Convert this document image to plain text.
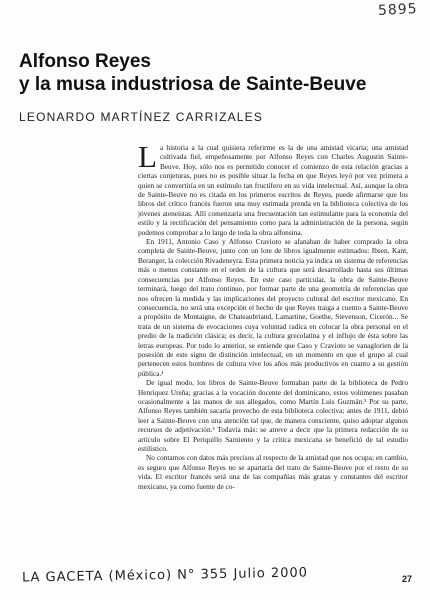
5895
Alfonso Reyes
y la musa industriosa de Sainte-Beuve
LEONARDO MARTÍNEZ CARRIZALES

La historia a la cual quisiera referirme es la de una amistad vicaria; una amistad cultivada fiel, empeñosamente por Alfonso Reyes con Charles Augustin Sainte-Beuve. Hoy, sólo nos es permitido conocer el comienzo de esta relación gracias a ciertas conjeturas, pues no es posible situar la fecha en que Reyes leyó por vez primera a quien se convertiría en un estímulo tan fructífero en su vida intelectual. Así, aunque la obra de Sainte-Beuve no es citada en los primeros escritos de Reyes, puede afirmarse que los libros del crítico francés fueron una muy estimada prenda en la biblioteca colectiva de los jóvenes ateneístas. Allí comenzaría una frecuentación tan estimulante para la economía del estilo y la rectificación del pensamiento como para la administración de la persona, según podemos comprobar a lo largo de toda la obra alfonsina.

En 1911, Antonio Caso y Alfonso Cravioto se afanaban de haber comprado la obra completa de Sainte-Beuve, junto con un lote de libros igualmente estimados: Ibsen, Kant, Beranger, la colección Rivadeneyra. Esta primera noticia ya indica un sistema de referencias más o menos constante en el orden de la cultura que será desarrollado hasta sus últimas consecuencias por Alfonso Reyes. En este caso particular, la obra de Sainte-Beuve terminará, luego del trato continuo, por formar parte de una geometría de referencias que nos ofrecen la medida y las implicaciones del proyecto cultural del escritor mexicano. En consecuencia, no será una excepción el hecho de que Reyes traiga a cuento a Sainte-Beuve a propósito de Montaigne, de Chateaubriand, Lamartine, Goethe, Stevenson, Cicerón... Se trata de un sistema de evocaciones cuya voluntad radica en colocar la obra personal en el predio de la tradición clásica; es decir, la cultura grecolatina y el influjo de ésta sobre las letras europeas. Por todo lo anterior, se entiende que Caso y Cravioto se vanaglorien de la posesión de este signo de distinción intelectual, en un momento en que el grupo al cual pertenecen estos hombres de cultura vive los años más productivos en cuanto a su gestión pública.¹

De igual modo, los libros de Sainte-Beuve formaban parte de la biblioteca de Pedro Henríquez Ureña; gracias a la vocación docente del dominicano, estos volúmenes pasaban ocasionalmente a las manos de sus allegados, como Martín Luis Guzmán.² Por su parte, Alfonso Reyes también sacaría provecho de esta biblioteca colectiva; antes de 1911, debió leer a Sainte-Beuve con una atención tal que, de manera consciente, quiso adoptar algunos recursos de adjetivación.³ Todavía más: se atreve a decir que la primera redacción de su artículo sobre El Periquillo Sarniento y la crítica mexicana se benefició de tal estudio estilístico.

No contamos con datos más precisos al respecto de la amistad que nos ocupa; en cambio, es seguro que Alfonso Reyes no se apartaría del trato de Sainte-Beuve por el resto de su vida. El escritor francés será una de las compañías más gratas y constantes del escritor mexicano, ya como fuente de co-

LA GACETA (México) N° 355 Julio 2000	27
